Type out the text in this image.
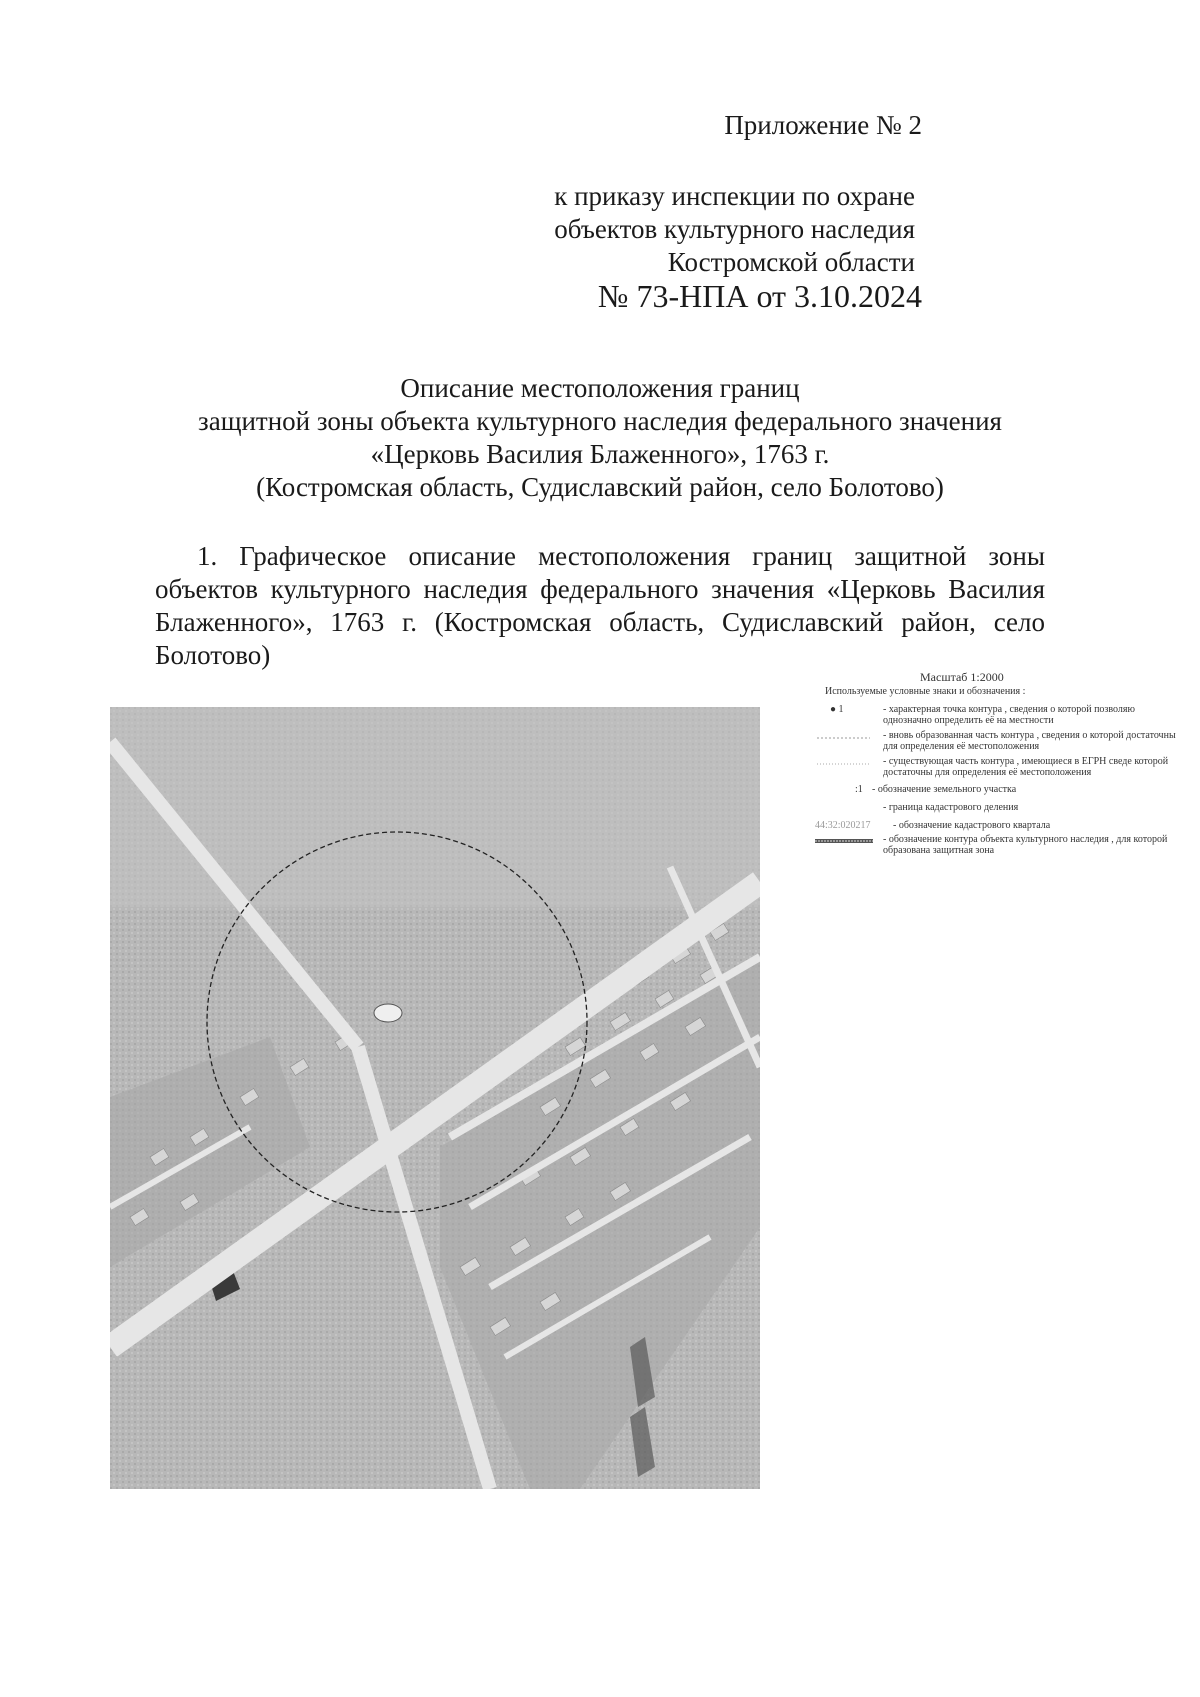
Приложение № 2
к приказу инспекции по охране
объектов культурного наследия
Костромской области
№ 73-НПА от 3.10.2024
Описание местоположения границ
защитной зоны объекта культурного наследия федерального значения
«Церковь Василия Блаженного», 1763 г.
(Костромская область, Судиславский район, село Болотово)
1. Графическое описание местоположения границ защитной зоны объектов культурного наследия федерального значения «Церковь Василия Блаженного», 1763 г. (Костромская область, Судиславский район, село Болотово)
Масштаб 1:2000
Используемые условные знаки и обозначения :
● 1	- характерная точка контура , сведения о которой позволяю однозначно определить её на местности
- вновь образованная часть контура , сведения о которой достаточны для определения её местоположения
- существующая часть контура , имеющиеся в ЕГРН сведе которой достаточны для определения её местоположения
:1 - обозначение земельного участка
- граница кадастрового деления
44:32:020217	- обозначение кадастрового квартала
- обозначение контура объекта культурного наследия , для которой образована защитная зона
